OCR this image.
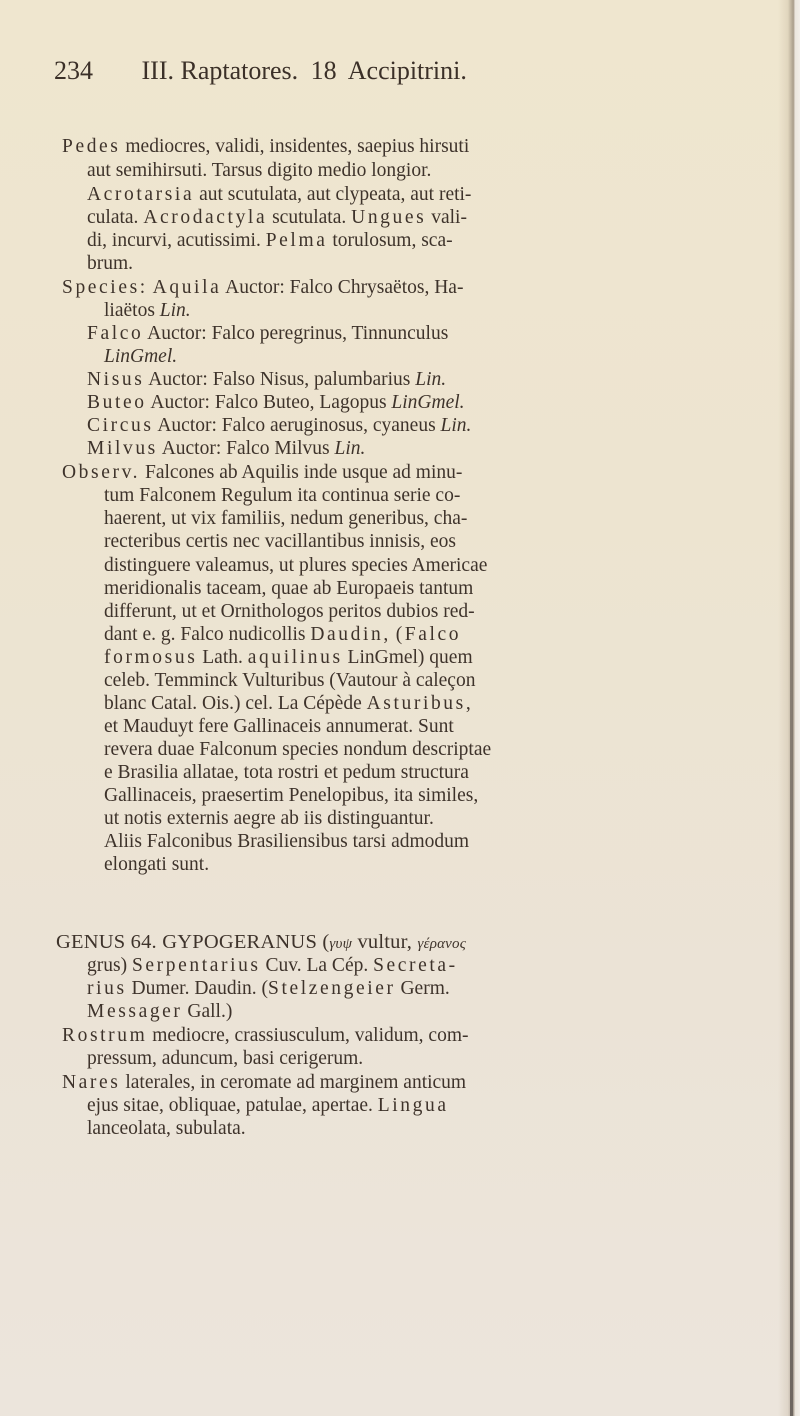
234 III. Raptatores. 18 Accipitrini.
Pedes mediocres, validi, insidentes, saepius hirsuti
aut semihirsuti. Tarsus digito medio longior.
Acrotarsia aut scutulata, aut clypeata, aut reti-
culata. Acrodactyla scutulata. Ungues vali-
di, incurvi, acutissimi. Pelma torulosum, sca-
brum.
Species: Aquila Auctor: Falco Chrysaëtos, Ha-
liaëtos Lin.
Falco Auctor: Falco peregrinus, Tinnunculus
LinGmel.
Nisus Auctor: Falso Nisus, palumbarius Lin.
Buteo Auctor: Falco Buteo, Lagopus LinGmel.
Circus Auctor: Falco aeruginosus, cyaneus Lin.
Milvus Auctor: Falco Milvus Lin.
Observ. Falcones ab Aquilis inde usque ad minu-
tum Falconem Regulum ita continua serie co-
haerent, ut vix familiis, nedum generibus, cha-
recteribus certis nec vacillantibus innisis, eos
distinguere valeamus, ut plures species Americae
meridionalis taceam, quae ab Europaeis tantum
differunt, ut et Ornithologos peritos dubios red-
dant e. g. Falco nudicollis Daudin, (Falco
formosus Lath. aquilinus LinGmel) quem
celeb. Temminck Vulturibus (Vautour à caleçon
blanc Catal. Ois.) cel. La Cépède Asturibus,
et Mauduyt fere Gallinaceis annumerat. Sunt
revera duae Falconum species nondum descriptae
e Brasilia allatae, tota rostri et pedum structura
Gallinaceis, praesertim Penelopibus, ita similes,
ut notis externis aegre ab iis distinguantur.
Aliis Falconibus Brasiliensibus tarsi admodum
elongati sunt.
GENUS 64. GYPOGERANUS (γυψ vultur, γέρανος
grus) Serpentarius Cuv. La Cép. Secreta-
rius Dumer. Daudin. (Stelzengeier Germ.
Messager Gall.)
Rostrum mediocre, crassiusculum, validum, com-
pressum, aduncum, basi cerigerum.
Nares laterales, in ceromate ad marginem anticum
ejus sitae, obliquae, patulae, apertae. Lingua
lanceolata, subulata.
